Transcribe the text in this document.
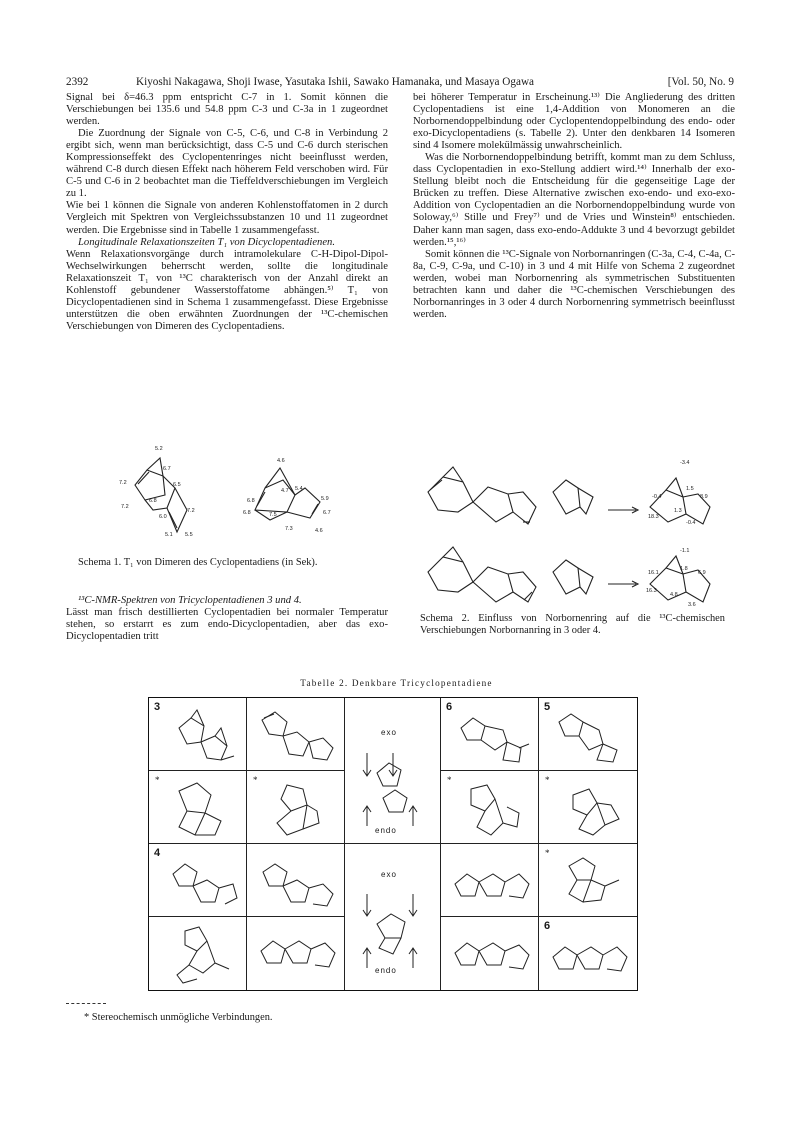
2392	Kiyoshi Nakagawa, Shoji Iwase, Yasutaka Ishii, Sawako Hamanaka, und Masaya Ogawa	[Vol. 50, No. 9

Signal bei δ=46.3 ppm entspricht C-7 in 1. Somit können die Verschiebungen bei 135.6 und 54.8 ppm C-3 und C-3a in 1 zugeordnet werden.

Die Zuordnung der Signale von C-5, C-6, und C-8 in Verbindung 2 ergibt sich, wenn man berücksichtigt, dass C-5 und C-6 durch sterischen Kompressionseffekt des Cyclopentenringes nicht beeinflusst werden, während C-8 durch diesen Effekt nach höherem Feld verschoben wird. Für C-5 und C-6 in 2 beobachtet man die Tieffeldverschiebungen im Vergleich zu 1.

Wie bei 1 können die Signale von anderen Kohlenstoffatomen in 2 durch Vergleich mit Spektren von Vergleichssubstanzen 10 und 11 zugeordnet werden. Die Ergebnisse sind in Tabelle 1 zusammengefasst.

Longitudinale Relaxationszeiten T₁ von Dicyclopentadienen.

Wenn Relaxationsvorgänge durch intramolekulare C-H-Dipol-Dipol-Wechselwirkungen beherrscht werden, sollte die longitudinale Relaxationszeit T₁ von ¹³C charakterisch von der Anzahl direkt an Kohlenstoff gebundener Wasserstoffatome abhängen.⁵⁾ T₁ von Dicyclopentadienen sind in Schema 1 zusammengefasst. Diese Ergebnisse unterstützen die oben erwähnten Zuordnungen der ¹³C-chemischen Verschiebungen von Dimeren des Cyclopentadiens.

bei höherer Temperatur in Erscheinung.¹³⁾ Die Angliederung des dritten Cyclopentadiens ist eine 1,4-Addition von Monomeren an die Norbornendoppelbindung oder Cyclopentendoppelbindung des endo- oder exo-Dicyclopentadiens (s. Tabelle 2). Unter den denkbaren 14 Isomeren sind 4 Isomere molekülmässig unwahrscheinlich.

Was die Norbornendoppelbindung betrifft, kommt man zu dem Schluss, dass Cyclopentadien in exo-Stellung addiert wird.¹⁴⁾ Innerhalb der exo-Stellung bleibt noch die Entscheidung für die gegenseitige Lage der Brücken zu treffen. Diese Alternative zwischen exo-endo- und exo-exo-Addition von Cyclopentadien an die Norbornendoppelbindung wurde von Soloway,⁶⁾ Stille und Frey⁷⁾ und de Vries und Winstein⁸⁾ entschieden. Daher kann man sagen, dass exo-endo-Addukte 3 und 4 bevorzugt gebildet werden.¹⁵,¹⁶⁾

Somit können die ¹³C-Signale von Norbornanringen (C-3a, C-4, C-4a, C-8a, C-9, C-9a, und C-10) in 3 und 4 mit Hilfe von Schema 2 zugeordnet werden, wobei man Norbornenring als symmetrischen Substituenten betrachten kann und daher die ¹³C-chemischen Verschiebungen des Norbornanringes in 3 oder 4 durch Norbornenring symmetrisch beeinflusst werden.

5.2
7.2
6.7
6.5
7.2
6.8
6.0
5.1 5.5
7.2
4.6
6.8
4.7 5.4
5.9
6.7
6.8	7.5
7.3	4.6
Schema 1. T₁ von Dimeren des Cyclopentadiens (in Sek).

¹³C-NMR-Spektren von Tricyclopentadienen 3 und 4.

Lässt man frisch destillierten Cyclopentadien bei normaler Temperatur stehen, so erstarrt es zum endo-Dicyclopentadien, aber das exo-Dicyclopentadien tritt

-3.4
-0.4
1.5
8.9
18.3
1.3
-0.4
-1.1
16.1
1.8
6.9
16.3
4.8
3.6
Schema 2. Einfluss von Norbornenring auf die ¹³C-chemischen Verschiebungen Norbornanring in 3 oder 4.
Tabelle 2. Denkbare Tricyclopentadiene
3
exo
endo
6	5
*	*	*	*
4
exo
endo
*
6
* Stereochemisch unmögliche Verbindungen.
